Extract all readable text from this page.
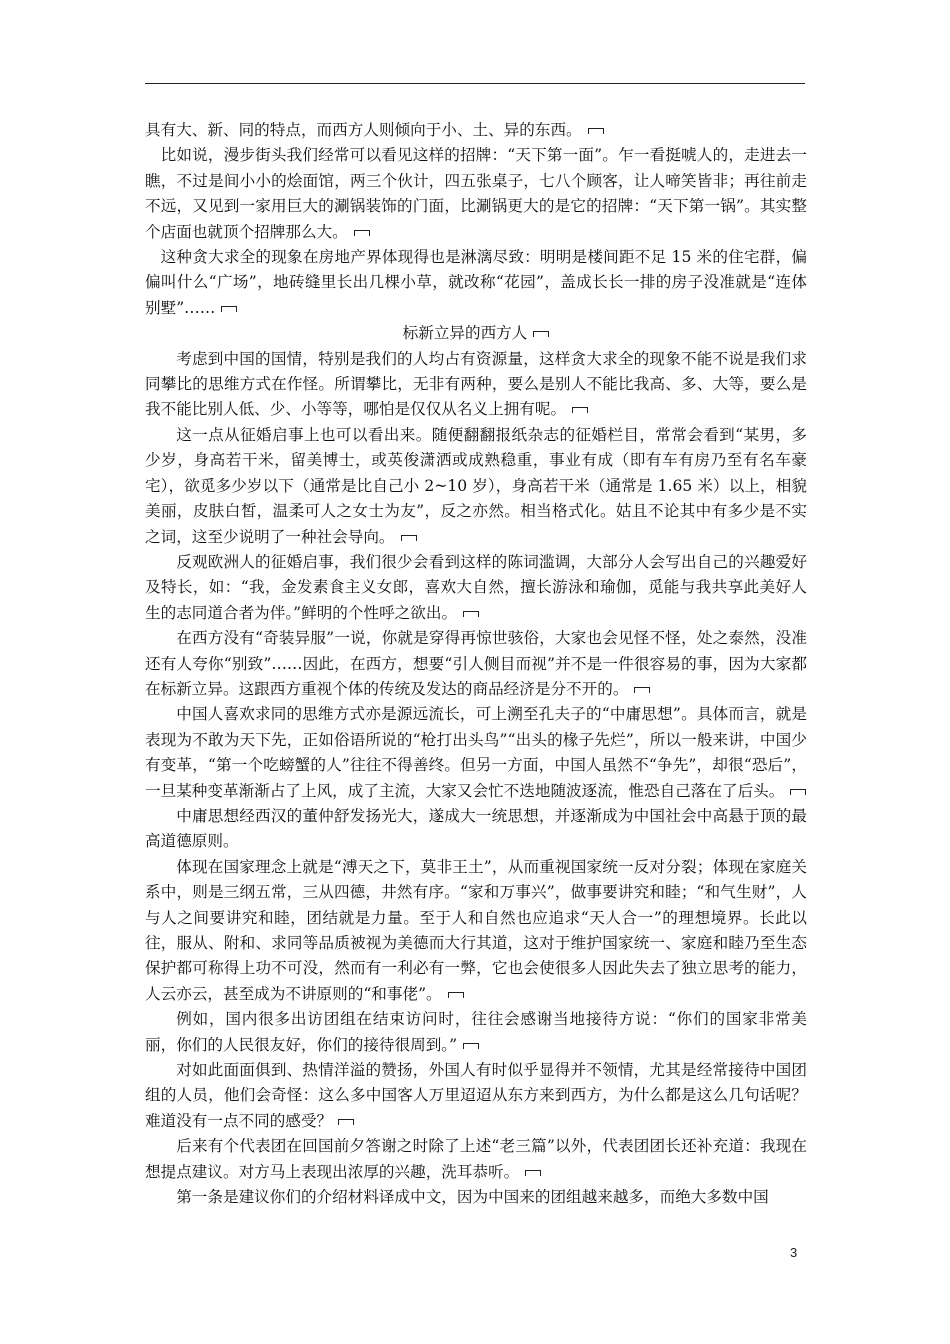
具有大、新、同的特点，而西方人则倾向于小、土、异的东西。

比如说，漫步街头我们经常可以看见这样的招牌：“天下第一面”。乍一看挺唬人的，走进去一瞧，不过是间小小的烩面馆，两三个伙计，四五张桌子，七八个顾客，让人啼笑皆非；再往前走不远，又见到一家用巨大的涮锅装饰的门面，比涮锅更大的是它的招牌：“天下第一锅”。其实整个店面也就顶个招牌那么大。

这种贪大求全的现象在房地产界体现得也是淋漓尽致：明明是楼间距不足 15 米的住宅群，偏偏叫什么“广场”，地砖缝里长出几棵小草，就改称“花园”，盖成长长一排的房子没准就是“连体别墅”……

标新立异的西方人

考虑到中国的国情，特别是我们的人均占有资源量，这样贪大求全的现象不能不说是我们求同攀比的思维方式在作怪。所谓攀比，无非有两种，要么是别人不能比我高、多、大等，要么是我不能比别人低、少、小等等，哪怕是仅仅从名义上拥有呢。

这一点从征婚启事上也可以看出来。随便翻翻报纸杂志的征婚栏目，常常会看到“某男，多少岁，身高若干米，留美博士，或英俊潇洒或成熟稳重，事业有成（即有车有房乃至有名车豪宅），欲觅多少岁以下（通常是比自己小 2~10 岁），身高若干米（通常是 1.65 米）以上，相貌美丽，皮肤白皙，温柔可人之女士为友”，反之亦然。相当格式化。姑且不论其中有多少是不实之词，这至少说明了一种社会导向。

反观欧洲人的征婚启事，我们很少会看到这样的陈词滥调，大部分人会写出自己的兴趣爱好及特长，如：“我，金发素食主义女郎，喜欢大自然，擅长游泳和瑜伽，觅能与我共享此美好人生的志同道合者为伴。”鲜明的个性呼之欲出。

在西方没有“奇装异服”一说，你就是穿得再惊世骇俗，大家也会见怪不怪，处之泰然，没准还有人夸你“别致”……因此，在西方，想要“引人侧目而视”并不是一件很容易的事，因为大家都在标新立异。这跟西方重视个体的传统及发达的商品经济是分不开的。

中国人喜欢求同的思维方式亦是源远流长，可上溯至孔夫子的“中庸思想”。具体而言，就是表现为不敢为天下先，正如俗语所说的“枪打出头鸟”“出头的椽子先烂”，所以一般来讲，中国少有变革，“第一个吃螃蟹的人”往往不得善终。但另一方面，中国人虽然不“争先”，却很“恐后”，一旦某种变革渐渐占了上风，成了主流，大家又会忙不迭地随波逐流，惟恐自己落在了后头。

中庸思想经西汉的董仲舒发扬光大，遂成大一统思想，并逐渐成为中国社会中高悬于顶的最高道德原则。

体现在国家理念上就是“溥天之下，莫非王土”，从而重视国家统一反对分裂；体现在家庭关系中，则是三纲五常，三从四德，井然有序。“家和万事兴”，做事要讲究和睦；“和气生财”，人与人之间要讲究和睦，团结就是力量。至于人和自然也应追求“天人合一”的理想境界。长此以往，服从、附和、求同等品质被视为美德而大行其道，这对于维护国家统一、家庭和睦乃至生态保护都可称得上功不可没，然而有一利必有一弊，它也会使很多人因此失去了独立思考的能力，人云亦云，甚至成为不讲原则的“和事佬”。

例如，国内很多出访团组在结束访问时，往往会感谢当地接待方说：“你们的国家非常美丽，你们的人民很友好，你们的接待很周到。”

对如此面面俱到、热情洋溢的赞扬，外国人有时似乎显得并不领情，尤其是经常接待中国团组的人员，他们会奇怪：这么多中国客人万里迢迢从东方来到西方，为什么都是这么几句话呢？难道没有一点不同的感受？

后来有个代表团在回国前夕答谢之时除了上述“老三篇”以外，代表团团长还补充道：我现在想提点建议。对方马上表现出浓厚的兴趣，洗耳恭听。

第一条是建议你们的介绍材料译成中文，因为中国来的团组越来越多，而绝大多数中国

3
